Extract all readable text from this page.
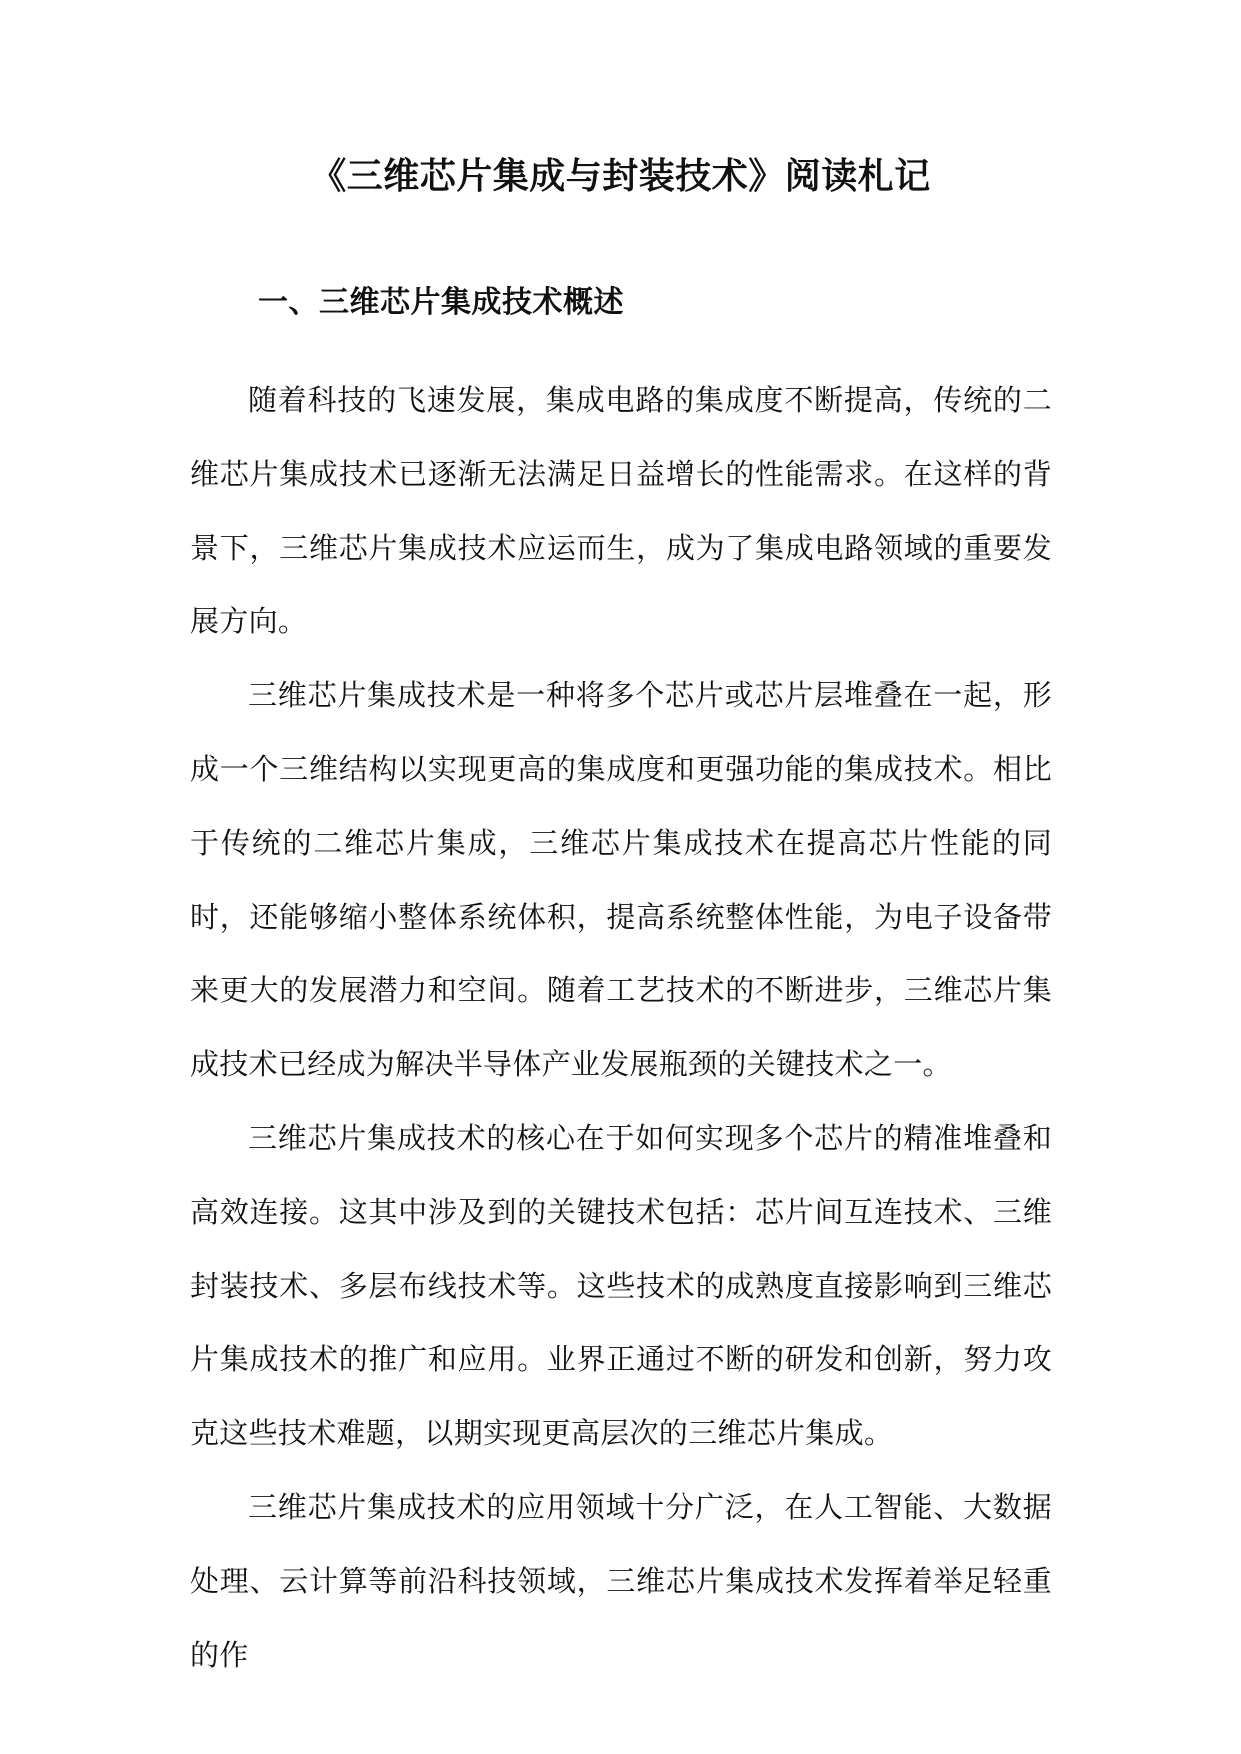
《三维芯片集成与封装技术》阅读札记
一、三维芯片集成技术概述

随着科技的飞速发展，集成电路的集成度不断提高，传统的二维芯片集成技术已逐渐无法满足日益增长的性能需求。在这样的背景下，三维芯片集成技术应运而生，成为了集成电路领域的重要发展方向。

三维芯片集成技术是一种将多个芯片或芯片层堆叠在一起，形成一个三维结构以实现更高的集成度和更强功能的集成技术。相比于传统的二维芯片集成，三维芯片集成技术在提高芯片性能的同时，还能够缩小整体系统体积，提高系统整体性能，为电子设备带来更大的发展潜力和空间。随着工艺技术的不断进步，三维芯片集成技术已经成为解决半导体产业发展瓶颈的关键技术之一。

三维芯片集成技术的核心在于如何实现多个芯片的精准堆叠和高效连接。这其中涉及到的关键技术包括：芯片间互连技术、三维封装技术、多层布线技术等。这些技术的成熟度直接影响到三维芯片集成技术的推广和应用。业界正通过不断的研发和创新，努力攻克这些技术难题，以期实现更高层次的三维芯片集成。

三维芯片集成技术的应用领域十分广泛，在人工智能、大数据处理、云计算等前沿科技领域，三维芯片集成技术发挥着举足轻重的作
